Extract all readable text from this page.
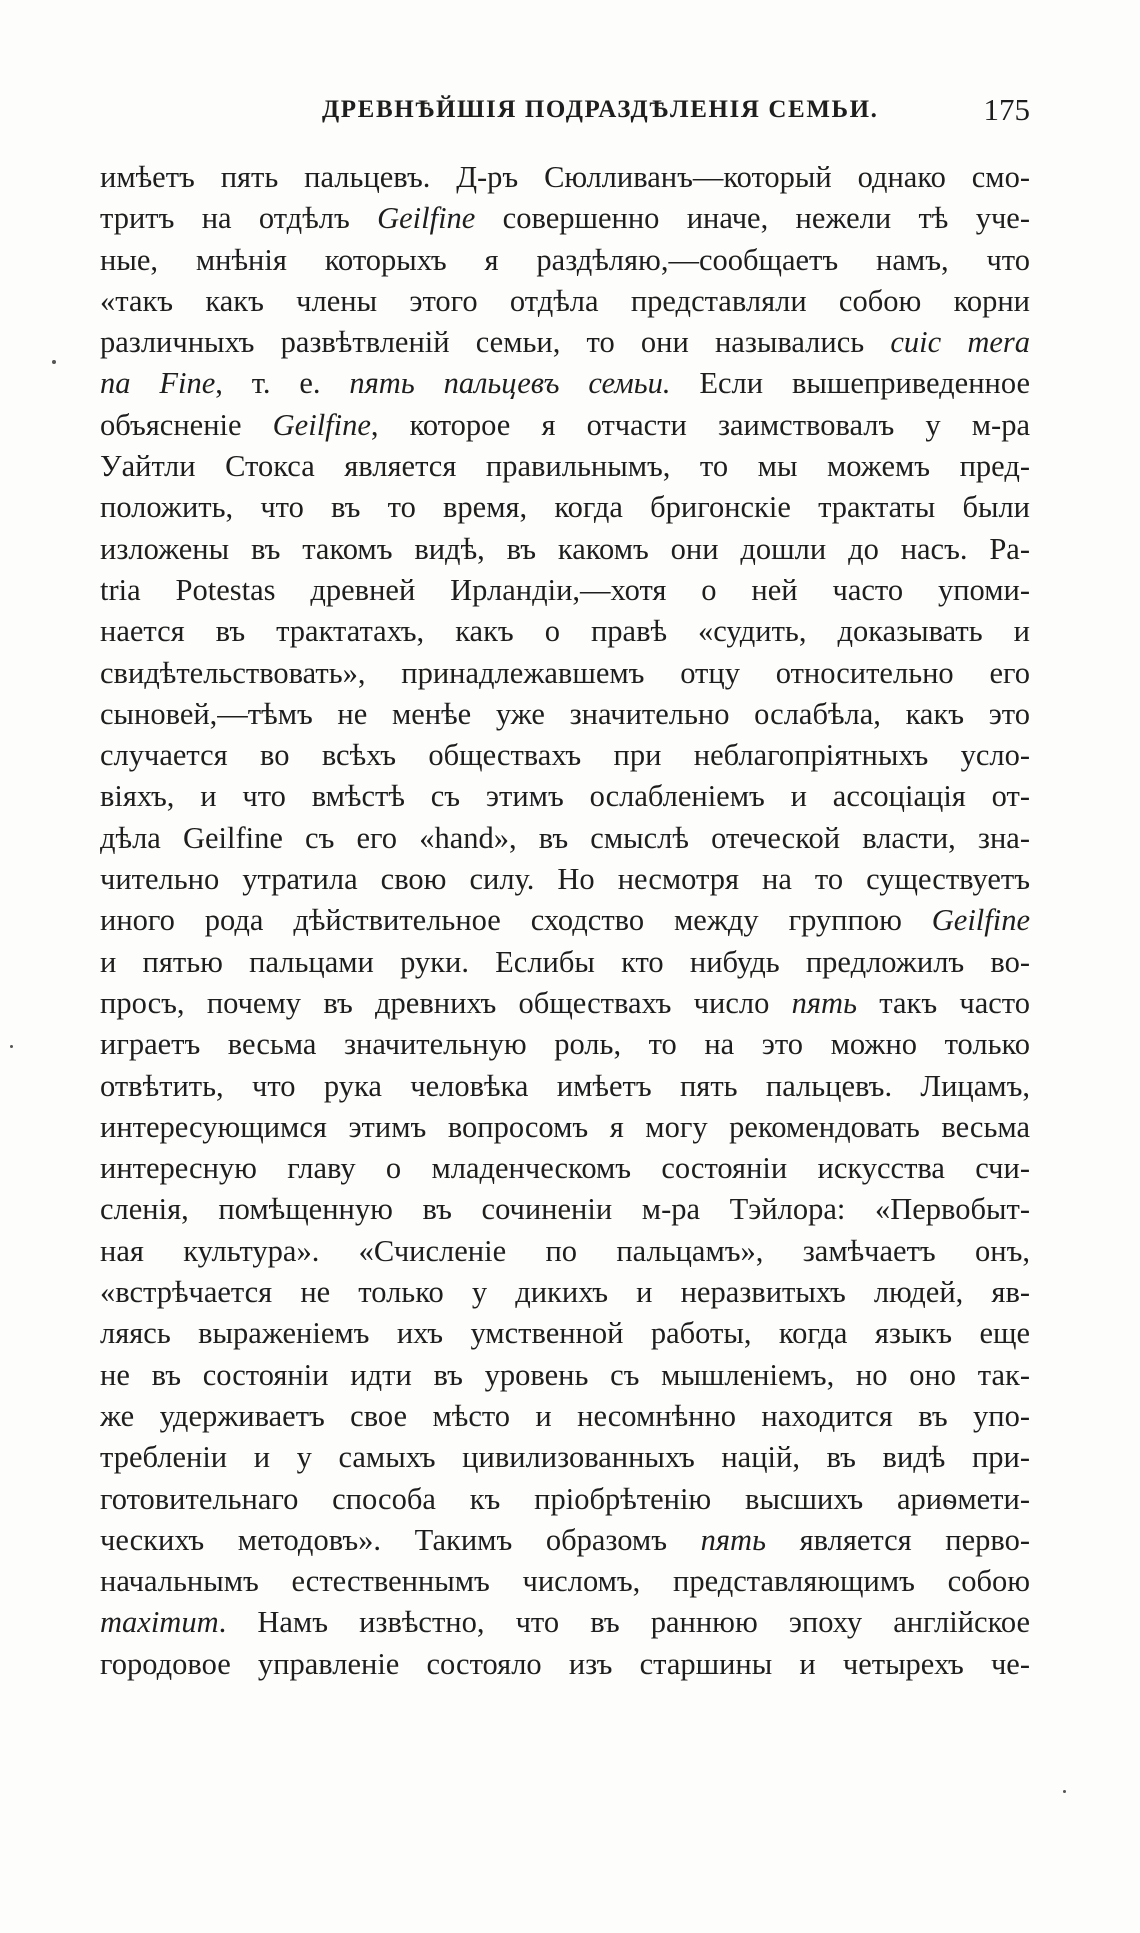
ДРЕВНѢЙШІЯ ПОДРАЗДѢЛЕНІЯ СЕМЬИ.	175
имѣетъ пять пальцевъ. Д-ръ Сюлливанъ—который однако смо-
тритъ на отдѣлъ Geilfine совершенно иначе, нежели тѣ уче-
ные, мнѣнія которыхъ я раздѣляю,—сообщаетъ намъ, что
«такъ какъ члены этого отдѣла представляли собою корни
различныхъ развѣтвленій семьи, то они назывались cuic mera
na Fine, т. е. пять пальцевъ семьи. Если вышеприведенное
объясненіе Geilfine, которое я отчасти заимствовалъ у м-ра
Уайтли Стокса является правильнымъ, то мы можемъ пред-
положить, что въ то время, когда бригонскіе трактаты были
изложены въ такомъ видѣ, въ какомъ они дошли до насъ. Pa-
tria Potestas древней Ирландіи,—хотя о ней часто упоми-
нается въ трактатахъ, какъ о правѣ «судить, доказывать и
свидѣтельствовать», принадлежавшемъ отцу относительно его
сыновей,—тѣмъ не менѣе уже значительно ослабѣла, какъ это
случается во всѣхъ обществахъ при неблагопріятныхъ усло-
віяхъ, и что вмѣстѣ съ этимъ ослабленіемъ и ассоціація от-
дѣла Geilfine съ его «hand», въ смыслѣ отеческой власти, зна-
чительно утратила свою силу. Но несмотря на то существуетъ
иного рода дѣйствительное сходство между группою Geilfine
и пятью пальцами руки. Еслибы кто нибудь предложилъ во-
просъ, почему въ древнихъ обществахъ число пять такъ часто
играетъ весьма значительную роль, то на это можно только
отвѣтить, что рука человѣка имѣетъ пять пальцевъ. Лицамъ,
интересующимся этимъ вопросомъ я могу рекомендовать весьма
интересную главу о младенческомъ состояніи искусства счи-
сленія, помѣщенную въ сочиненіи м-ра Тэйлора: «Первобыт-
ная культура». «Счисленіе по пальцамъ», замѣчаетъ онъ,
«встрѣчается не только у дикихъ и неразвитыхъ людей, яв-
ляясь выраженіемъ ихъ умственной работы, когда языкъ еще
не въ состояніи идти въ уровень съ мышленіемъ, но оно так-
же удерживаетъ свое мѣсто и несомнѣнно находится въ упо-
требленіи и у самыхъ цивилизованныхъ націй, въ видѣ при-
готовительнаго способа къ пріобрѣтенію высшихъ ариѳмети-
ческихъ методовъ». Такимъ образомъ пять является перво-
начальнымъ естественнымъ числомъ, представляющимъ собою
maximum. Намъ извѣстно, что въ раннюю эпоху англійское
городовое управленіе состояло изъ старшины и четырехъ че-
